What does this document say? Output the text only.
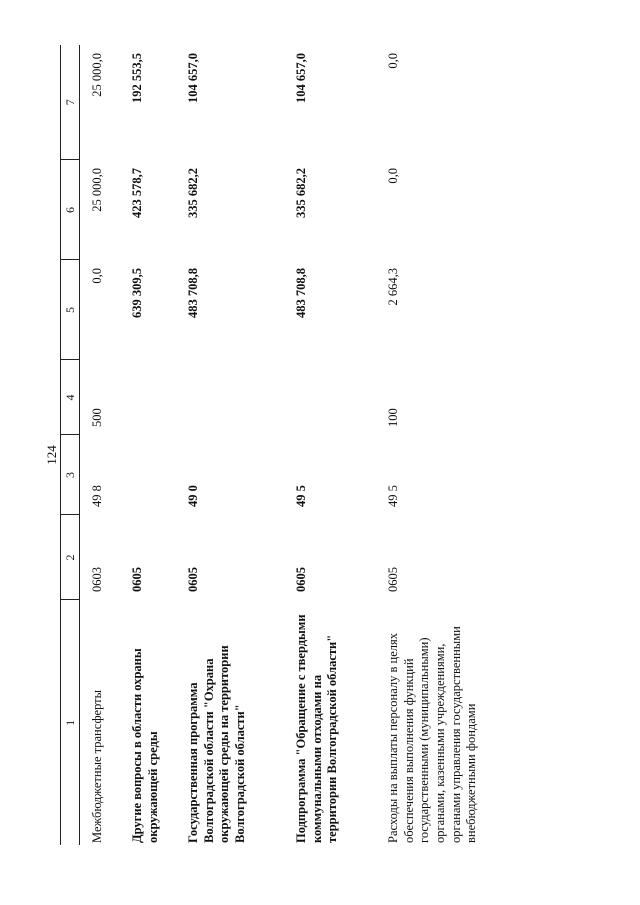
124
1	2	3	4	5	6	7
Межбюджетные трансферты	0603	49 8	500	0,0	25 000,0	25 000,0
Другие вопросы в области охраны окружающей среды	0605			639 309,5	423 578,7	192 553,5
Государственная программа Волгоградской области "Охрана окружающей среды на территории Волгоградской области"	0605	49 0		483 708,8	335 682,2	104 657,0
Подпрограмма "Обращение с твердыми коммунальными отходами на территории Волгоградской области"	0605	49 5		483 708,8	335 682,2	104 657,0
Расходы на выплаты персоналу в целях обеспечения выполнения функций государственными (муниципальными) органами, казенными учреждениями, органами управления государственными внебюджетными фондами	0605	49 5	100	2 664,3	0,0	0,0
